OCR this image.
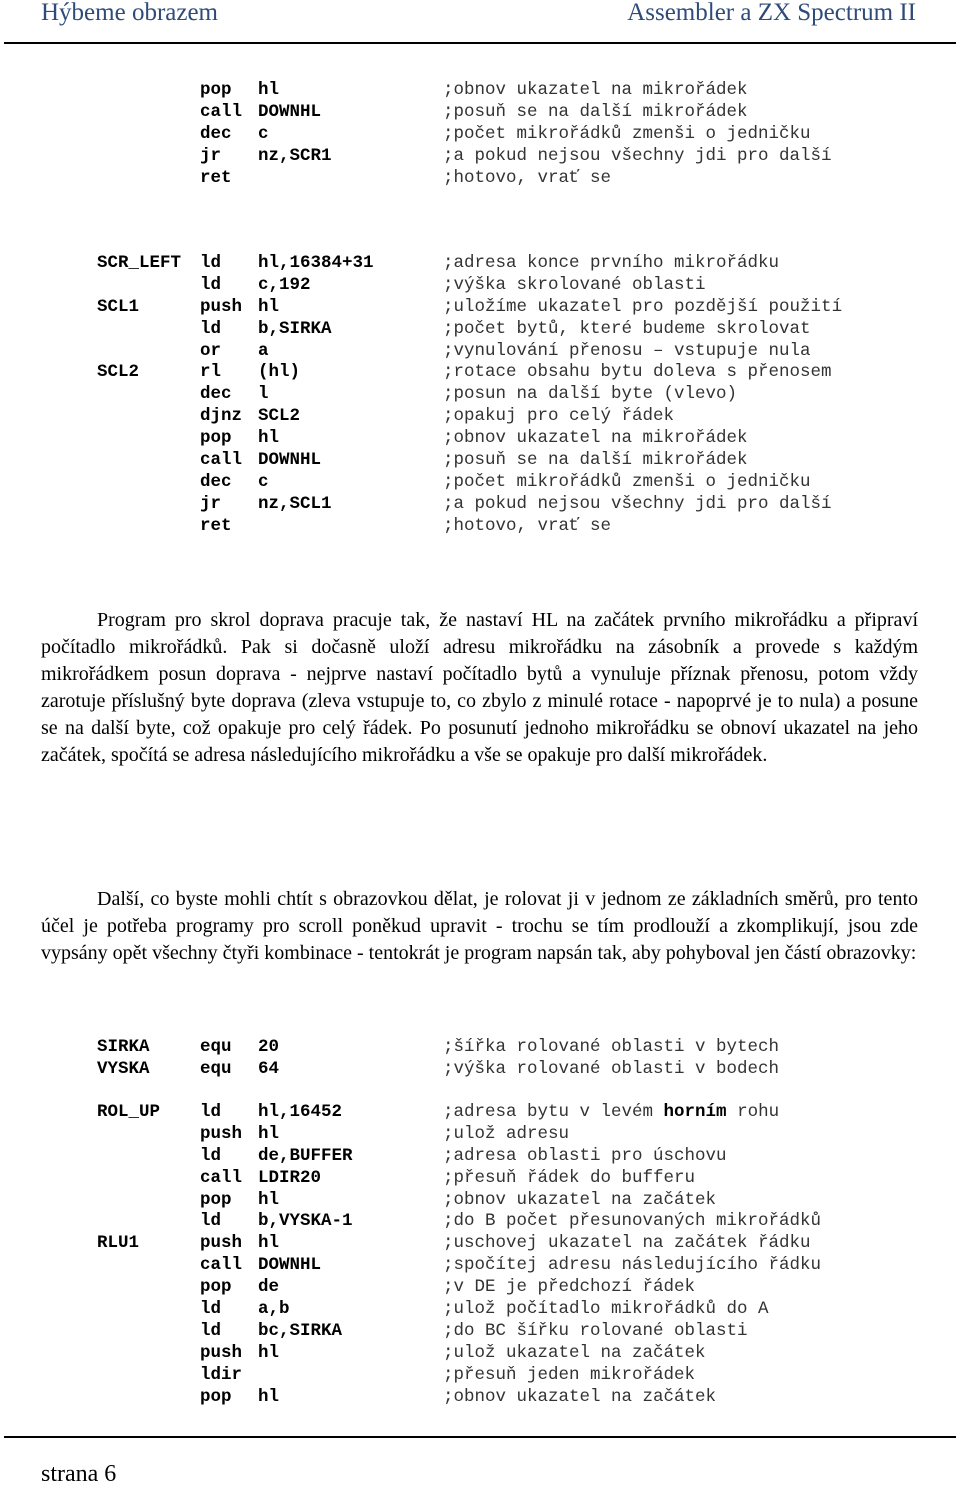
Hýbeme obrazem	Assembler a ZX Spectrum II
pop hl	;obnov ukazatel na mikrořádek
call DOWNHL	;posuň se na další mikrořádek
dec c	;počet mikrořádků zmenši o jedničku
jr nz,SCR1	;a pokud nejsou všechny jdi pro další
ret	;hotovo, vrať se
SCR_LEFT ld hl,16384+31	;adresa konce prvního mikrořádku
ld c,192	;výška skrolované oblasti
SCL1	push hl	;uložíme ukazatel pro pozdější použití
ld b,SIRKA	;počet bytů, které budeme skrolovat
or a	;vynulování přenosu – vstupuje nula
SCL2	rl (hl)	;rotace obsahu bytu doleva s přenosem
dec l	;posun na další byte (vlevo)
djnz SCL2	;opakuj pro celý řádek
pop hl	;obnov ukazatel na mikrořádek
call DOWNHL	;posuň se na další mikrořádek
dec c	;počet mikrořádků zmenši o jedničku
jr nz,SCL1	;a pokud nejsou všechny jdi pro další
ret	;hotovo, vrať se

Program pro skrol doprava pracuje tak, že nastaví HL na začátek prvního mikrořádku a připraví počítadlo mikrořádků. Pak si dočasně uloží adresu mikrořádku na zásobník a provede s každým mikrořádkem posun doprava - nejprve nastaví počítadlo bytů a vynuluje příznak přenosu, potom vždy zarotuje příslušný byte doprava (zleva vstupuje to, co zbylo z minulé rotace - napoprvé je to nula) a posune se na další byte, což opakuje pro celý řádek. Po posunutí jednoho mikrořádku se obnoví ukazatel na jeho začátek, spočítá se adresa následujícího mikrořádku a vše se opakuje pro další mikrořádek.

Další, co byste mohli chtít s obrazovkou dělat, je rolovat ji v jednom ze základních směrů, pro tento účel je potřeba programy pro scroll poněkud upravit - trochu se tím prodlouží a zkomplikují, jsou zde vypsány opět všechny čtyři kombinace - tentokrát je program napsán tak, aby pohyboval jen částí obrazovky:

SIRKA	equ 20	;šířka rolované oblasti v bytech
VYSKA	equ 64	;výška rolované oblasti v bodech
ROL_UP ld hl,16452	;adresa bytu v levém horním rohu
push hl	;ulož adresu
ld de,BUFFER	;adresa oblasti pro úschovu
call LDIR20	;přesuň řádek do bufferu
pop hl	;obnov ukazatel na začátek
ld b,VYSKA-1	;do B počet přesunovaných mikrořádků
RLU1	push hl	;uschovej ukazatel na začátek řádku
call DOWNHL	;spočítej adresu následujícího řádku
pop de	;v DE je předchozí řádek
ld a,b	;ulož počítadlo mikrořádků do A
ld bc,SIRKA	;do BC šířku rolované oblasti
push hl	;ulož ukazatel na začátek
ldir	;přesuň jeden mikrořádek
pop hl	;obnov ukazatel na začátek
strana 6
